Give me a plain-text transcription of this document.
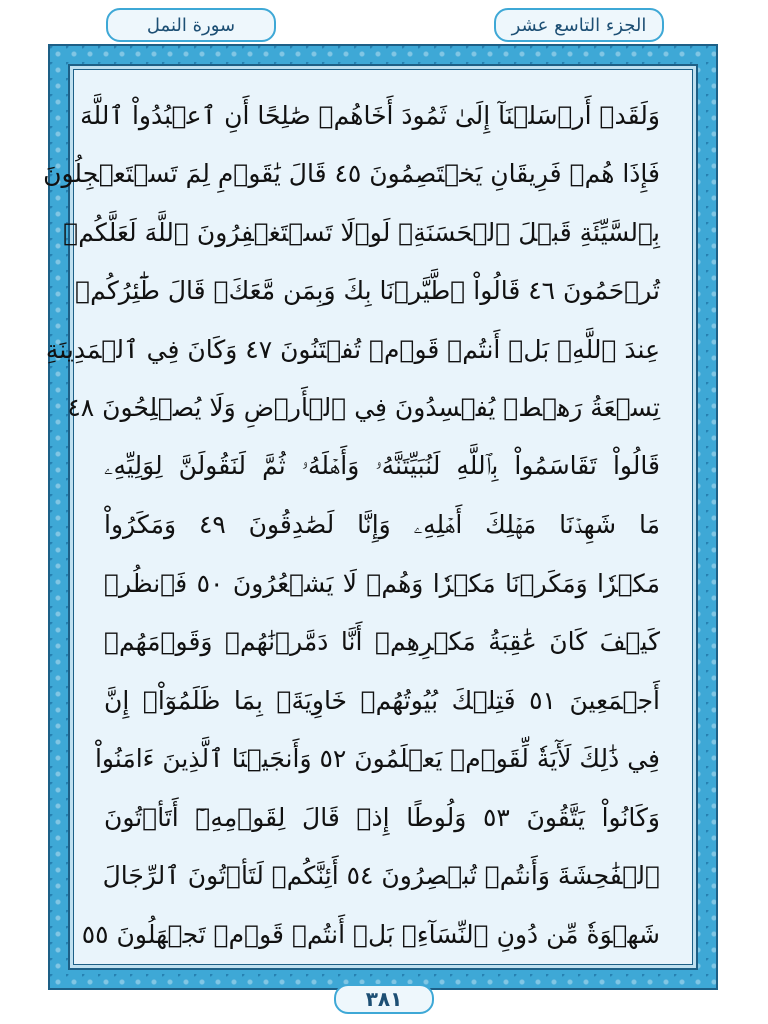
الجزء التاسع عشر
سورة النمل
وَلَقَدۡ أَرۡسَلۡنَآ إِلَىٰ ثَمُودَ أَخَاهُمۡ صَٰلِحًا أَنِ ٱعۡبُدُواْ ٱللَّهَ
فَإِذَا هُمۡ فَرِيقَانِ يَخۡتَصِمُونَ ٤٥ قَالَ يَٰقَوۡمِ لِمَ تَسۡتَعۡجِلُونَ
بِٱلسَّيِّئَةِ قَبۡلَ ٱلۡحَسَنَةِۖ لَوۡلَا تَسۡتَغۡفِرُونَ ٱللَّهَ لَعَلَّكُمۡ
تُرۡحَمُونَ ٤٦ قَالُواْ ٱطَّيَّرۡنَا بِكَ وَبِمَن مَّعَكَۚ قَالَ طَٰٓئِرُكُمۡ
عِندَ ٱللَّهِۖ بَلۡ أَنتُمۡ قَوۡمٞ تُفۡتَنُونَ ٤٧ وَكَانَ فِي ٱلۡمَدِينَةِ
تِسۡعَةُ رَهۡطٖ يُفۡسِدُونَ فِي ٱلۡأَرۡضِ وَلَا يُصۡلِحُونَ ٤٨
قَالُواْ تَقَاسَمُواْ بِٱللَّهِ لَنُبَيِّتَنَّهُۥ وَأَهۡلَهُۥ ثُمَّ لَنَقُولَنَّ لِوَلِيِّهِۦ
مَا شَهِدۡنَا مَهۡلِكَ أَهۡلِهِۦ وَإِنَّا لَصَٰدِقُونَ ٤٩ وَمَكَرُواْ
مَكۡرٗا وَمَكَرۡنَا مَكۡرٗا وَهُمۡ لَا يَشۡعُرُونَ ٥٠ فَٱنظُرۡ
كَيۡفَ كَانَ عَٰقِبَةُ مَكۡرِهِمۡ أَنَّا دَمَّرۡنَٰهُمۡ وَقَوۡمَهُمۡ
أَجۡمَعِينَ ٥١ فَتِلۡكَ بُيُوتُهُمۡ خَاوِيَةَۢ بِمَا ظَلَمُوٓاْۚ إِنَّ
فِي ذَٰلِكَ لَأٓيَةٗ لِّقَوۡمٖ يَعۡلَمُونَ ٥٢ وَأَنجَيۡنَا ٱلَّذِينَ ءَامَنُواْ
وَكَانُواْ يَتَّقُونَ ٥٣ وَلُوطًا إِذۡ قَالَ لِقَوۡمِهِۦٓ أَتَأۡتُونَ
ٱلۡفَٰحِشَةَ وَأَنتُمۡ تُبۡصِرُونَ ٥٤ أَئِنَّكُمۡ لَتَأۡتُونَ ٱلرِّجَالَ
شَهۡوَةٗ مِّن دُونِ ٱلنِّسَآءِۚ بَلۡ أَنتُمۡ قَوۡمٞ تَجۡهَلُونَ ٥٥
٣٨١
